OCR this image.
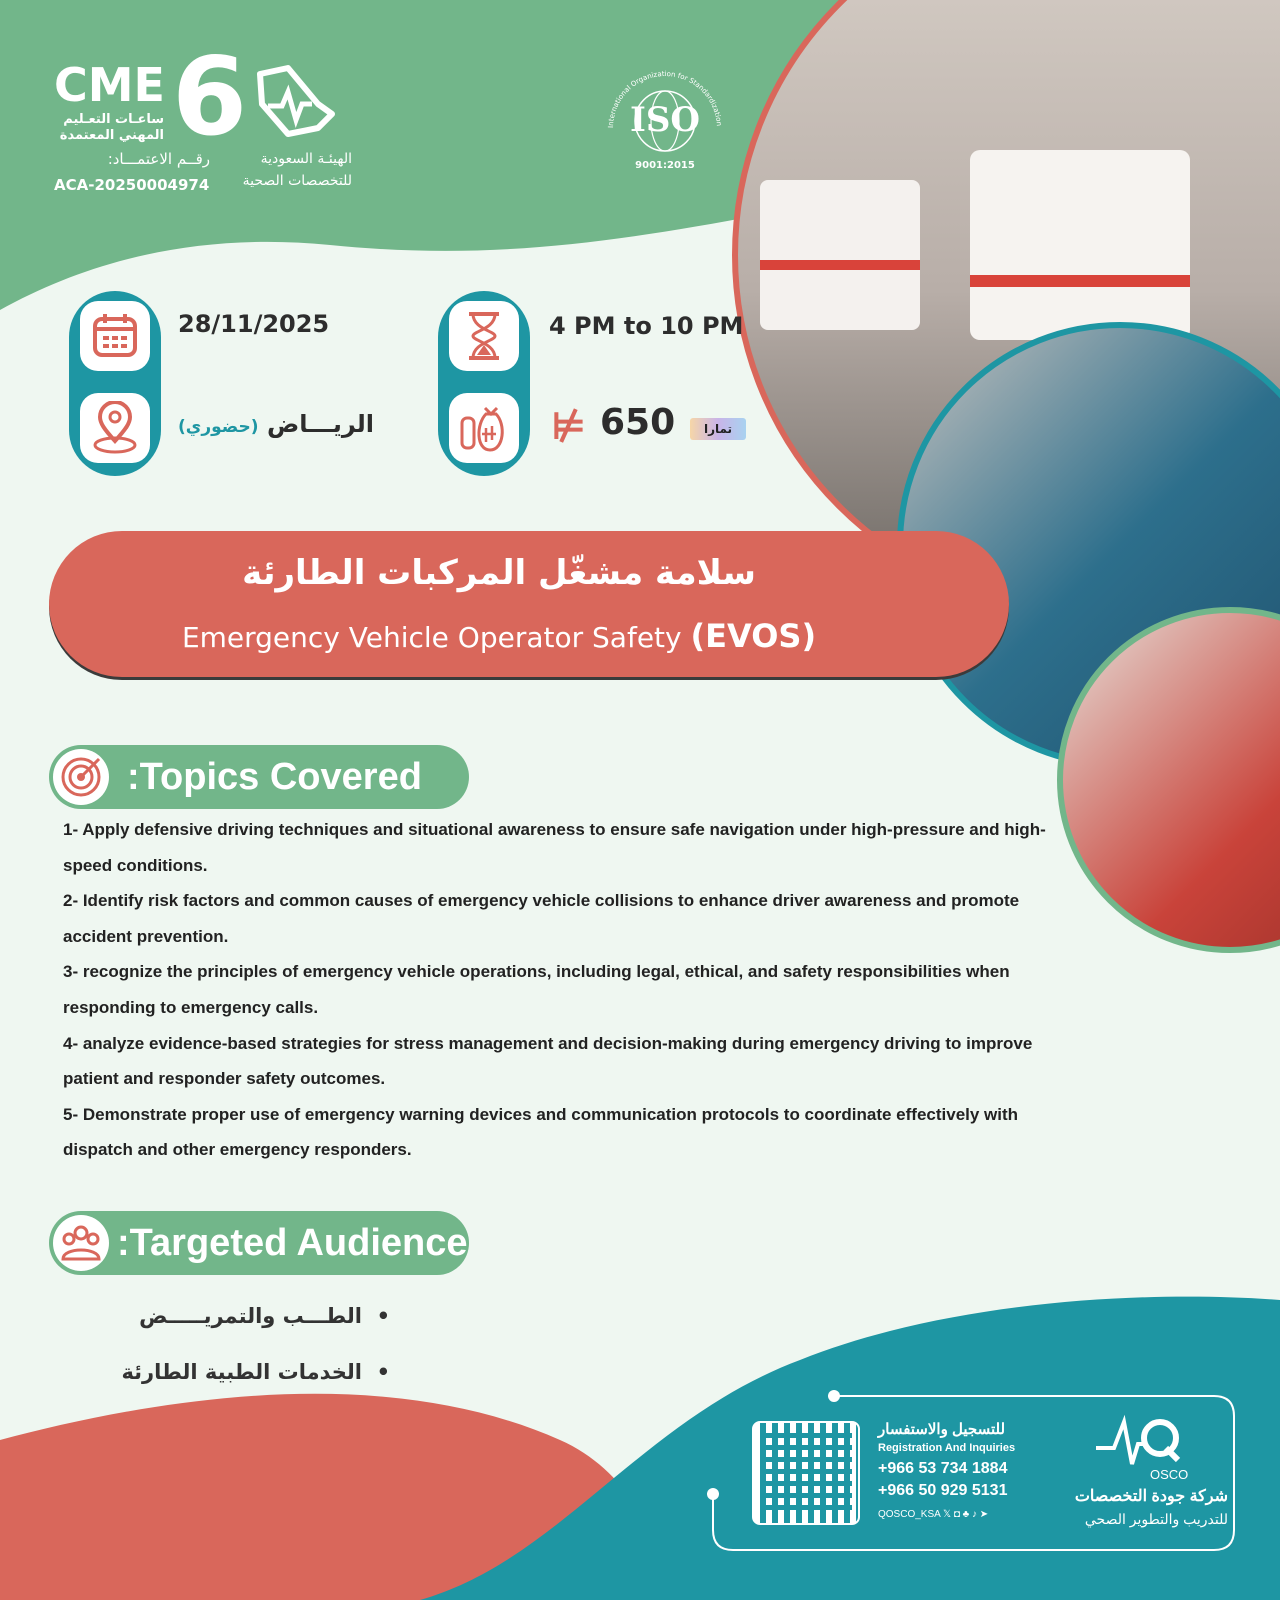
CME 6
ساعـات التعـليم
المهني المعتمدة
رقــم الاعتمـــاد:
ACA-20250004974
الهيئـة السعودية
للتخصصات الصحية
International Organization for Standardization
ISO
9001:2015
28/11/2025
الريـــاض (حضوري)
4 PM to 10 PM
⊭ 650	تمارا
سلامة مشغّل المركبات الطارئة
Emergency Vehicle Operator Safety (EVOS)
:Topics Covered
1- Apply defensive driving techniques and situational awareness to ensure safe navigation under high-pressure and high-speed conditions.
2- Identify risk factors and common causes of emergency vehicle collisions to enhance driver awareness and promote accident prevention.
3- recognize the principles of emergency vehicle operations, including legal, ethical, and safety responsibilities when responding to emergency calls.
4- analyze evidence-based strategies for stress management and decision-making during emergency driving to improve patient and responder safety outcomes.
5- Demonstrate proper use of emergency warning devices and communication protocols to coordinate effectively with dispatch and other emergency responders.
:Targeted Audience
•  الطـــب والتمريـــــض
•  الخدمات الطبية الطارئة
للتسجيل والاستفسار
Registration And Inquiries
+966 53 734 1884
+966 50 929 5131
QOSCO_KSA 𝕏 ◘ ♣ ♪ ➤
OSCO
شركة جودة التخصصات
للتدريب والتطوير الصحي
